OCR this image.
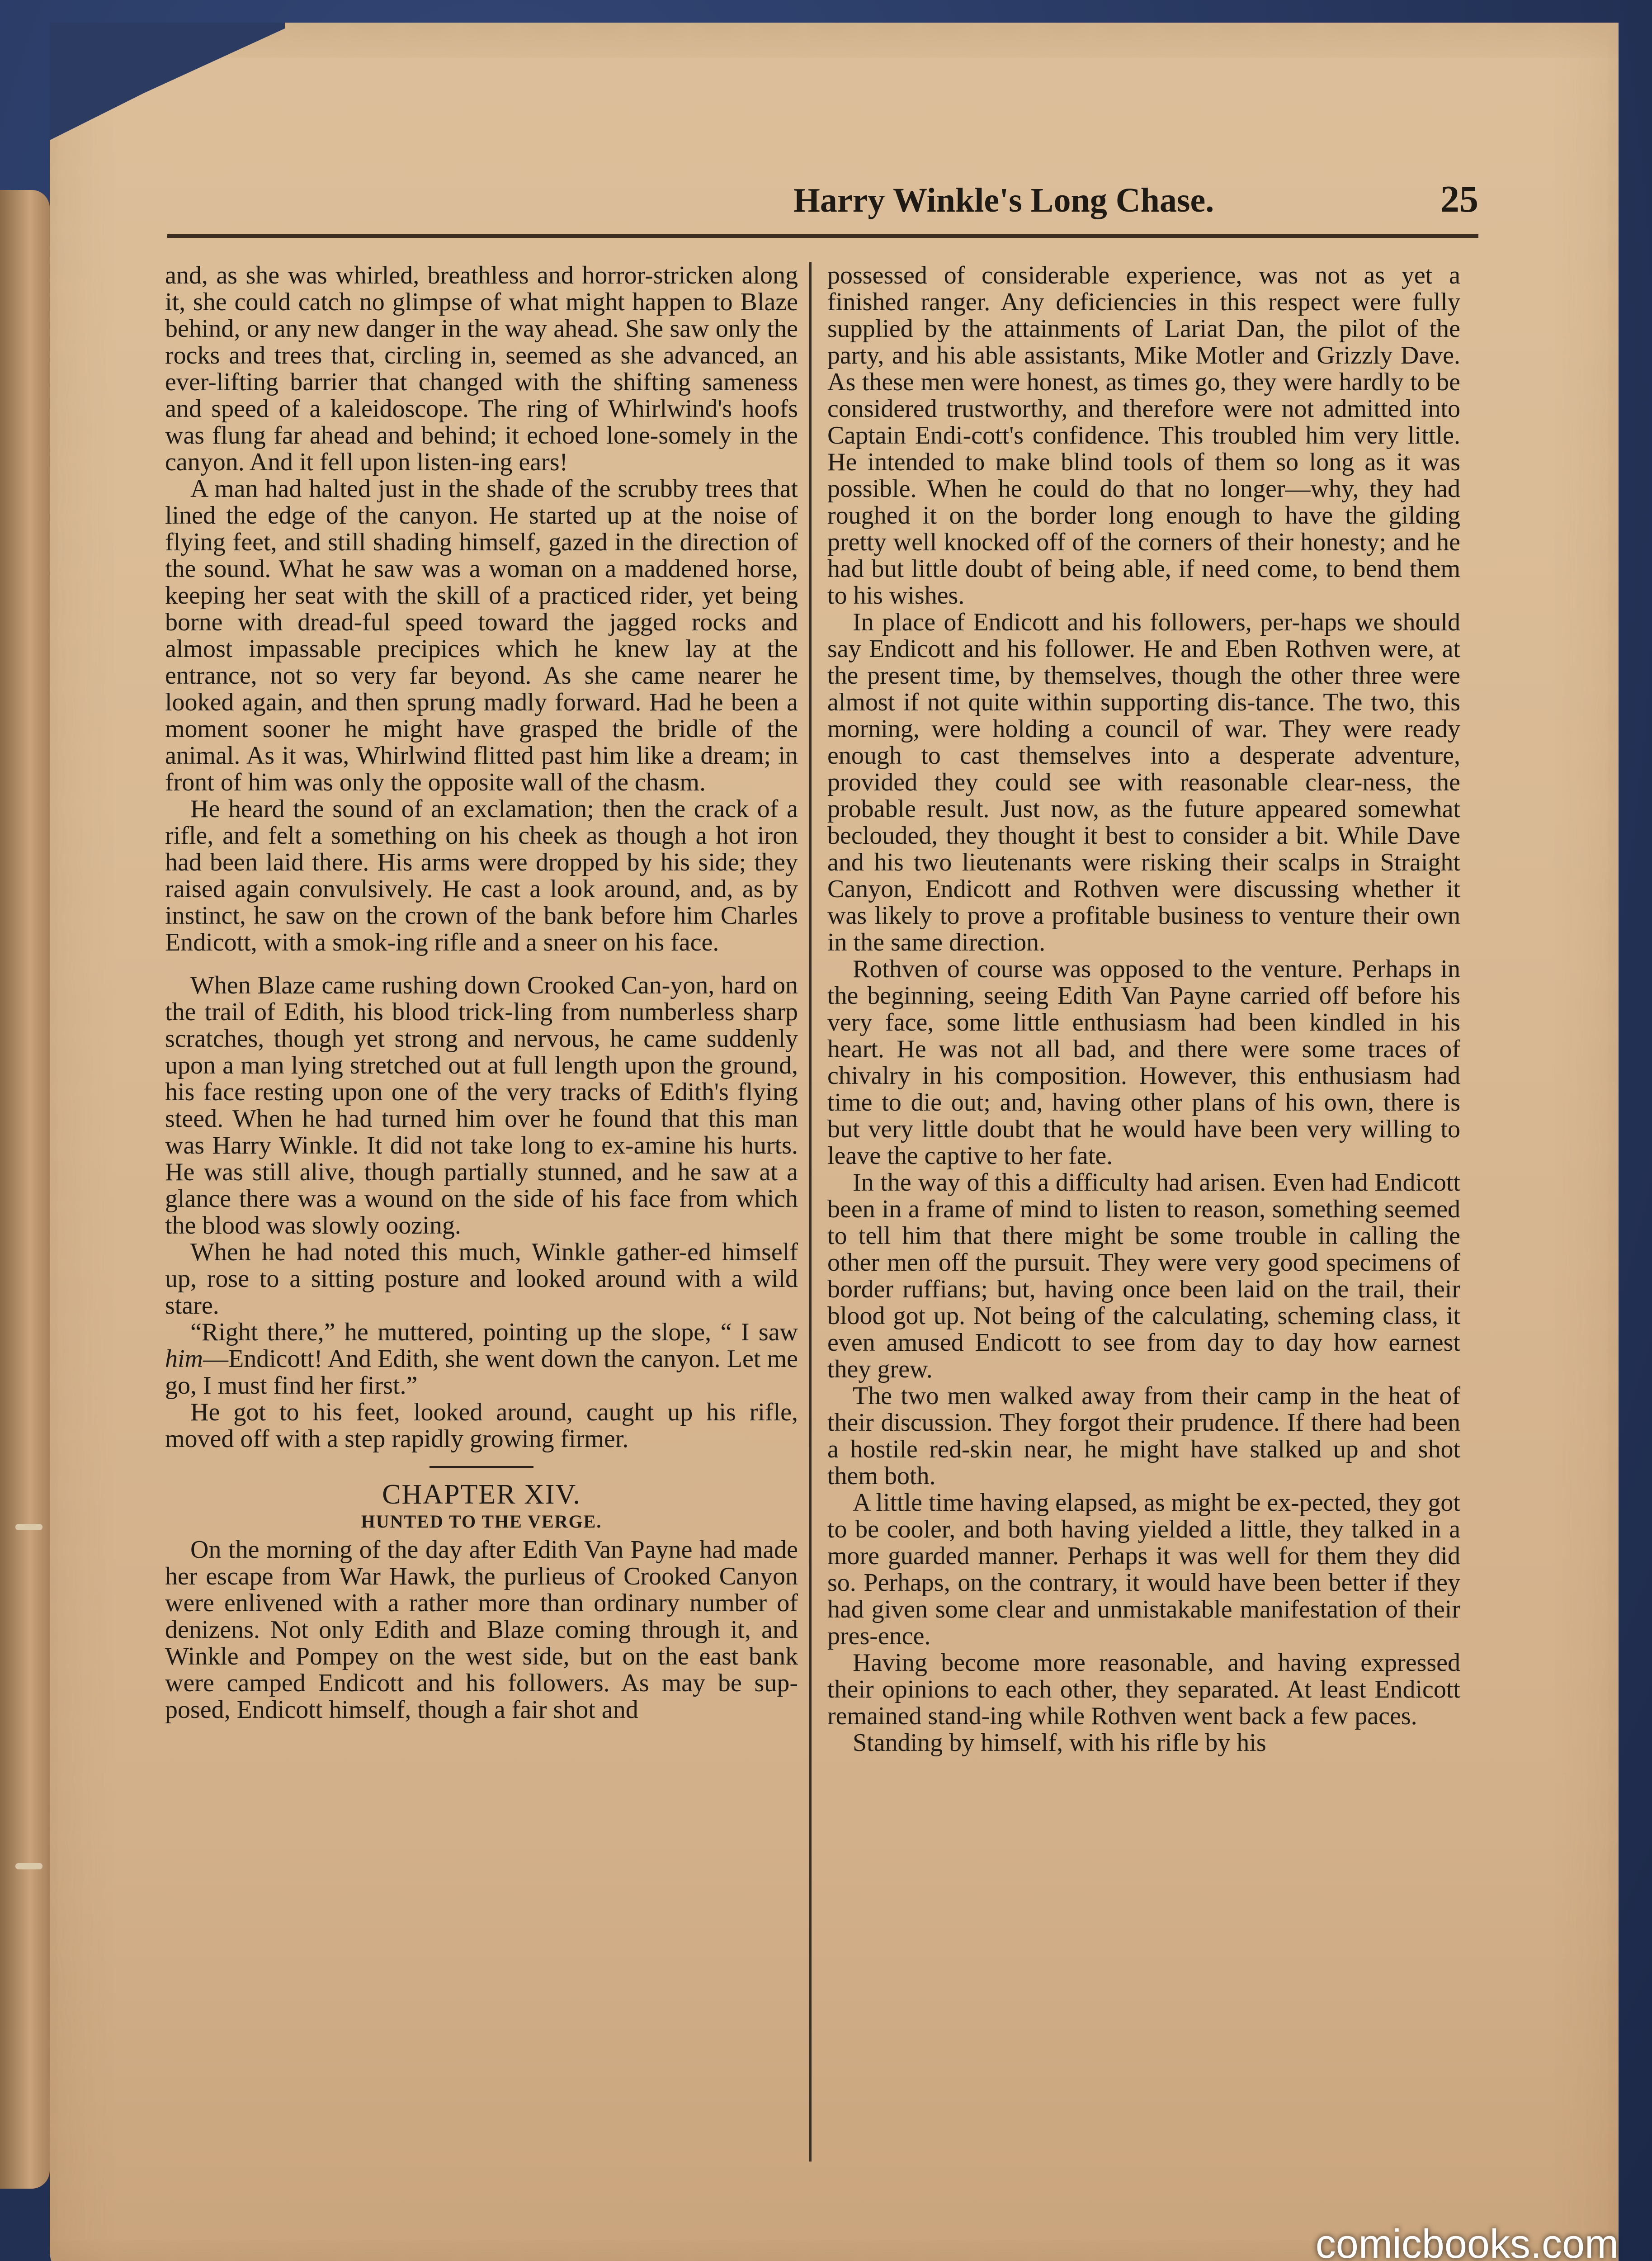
Harry Winkle's Long Chase.	25

and, as she was whirled, breathless and horror-stricken along it, she could catch no glimpse of what might happen to Blaze behind, or any new danger in the way ahead. She saw only the rocks and trees that, circling in, seemed as she advanced, an ever-lifting barrier that changed with the shifting sameness and speed of a kaleidoscope. The ring of Whirlwind's hoofs was flung far ahead and behind; it echoed lone-somely in the canyon. And it fell upon listen-ing ears!

A man had halted just in the shade of the scrubby trees that lined the edge of the canyon. He started up at the noise of flying feet, and still shading himself, gazed in the direction of the sound. What he saw was a woman on a maddened horse, keeping her seat with the skill of a practiced rider, yet being borne with dread-ful speed toward the jagged rocks and almost impassable precipices which he knew lay at the entrance, not so very far beyond. As she came nearer he looked again, and then sprung madly forward. Had he been a moment sooner he might have grasped the bridle of the animal. As it was, Whirlwind flitted past him like a dream; in front of him was only the opposite wall of the chasm.

He heard the sound of an exclamation; then the crack of a rifle, and felt a something on his cheek as though a hot iron had been laid there. His arms were dropped by his side; they raised again convulsively. He cast a look around, and, as by instinct, he saw on the crown of the bank before him Charles Endicott, with a smok-ing rifle and a sneer on his face.

When Blaze came rushing down Crooked Can-yon, hard on the trail of Edith, his blood trick-ling from numberless sharp scratches, though yet strong and nervous, he came suddenly upon a man lying stretched out at full length upon the ground, his face resting upon one of the very tracks of Edith's flying steed. When he had turned him over he found that this man was Harry Winkle. It did not take long to ex-amine his hurts. He was still alive, though partially stunned, and he saw at a glance there was a wound on the side of his face from which the blood was slowly oozing.

When he had noted this much, Winkle gather-ed himself up, rose to a sitting posture and looked around with a wild stare.

“Right there,” he muttered, pointing up the slope, “ I saw him—Endicott! And Edith, she went down the canyon. Let me go, I must find her first.”

He got to his feet, looked around, caught up his rifle, moved off with a step rapidly growing firmer.

CHAPTER XIV.
HUNTED TO THE VERGE.

On the morning of the day after Edith Van Payne had made her escape from War Hawk, the purlieus of Crooked Canyon were enlivened with a rather more than ordinary number of denizens. Not only Edith and Blaze coming through it, and Winkle and Pompey on the west side, but on the east bank were camped Endicott and his followers. As may be sup-posed, Endicott himself, though a fair shot and

possessed of considerable experience, was not as yet a finished ranger. Any deficiencies in this respect were fully supplied by the attainments of Lariat Dan, the pilot of the party, and his able assistants, Mike Motler and Grizzly Dave. As these men were honest, as times go, they were hardly to be considered trustworthy, and therefore were not admitted into Captain Endi-cott's confidence. This troubled him very little. He intended to make blind tools of them so long as it was possible. When he could do that no longer—why, they had roughed it on the border long enough to have the gilding pretty well knocked off of the corners of their honesty; and he had but little doubt of being able, if need come, to bend them to his wishes.

In place of Endicott and his followers, per-haps we should say Endicott and his follower. He and Eben Rothven were, at the present time, by themselves, though the other three were almost if not quite within supporting dis-tance. The two, this morning, were holding a council of war. They were ready enough to cast themselves into a desperate adventure, provided they could see with reasonable clear-ness, the probable result. Just now, as the future appeared somewhat beclouded, they thought it best to consider a bit. While Dave and his two lieutenants were risking their scalps in Straight Canyon, Endicott and Rothven were discussing whether it was likely to prove a profitable business to venture their own in the same direction.

Rothven of course was opposed to the venture. Perhaps in the beginning, seeing Edith Van Payne carried off before his very face, some little enthusiasm had been kindled in his heart. He was not all bad, and there were some traces of chivalry in his composition. However, this enthusiasm had time to die out; and, having other plans of his own, there is but very little doubt that he would have been very willing to leave the captive to her fate.

In the way of this a difficulty had arisen. Even had Endicott been in a frame of mind to listen to reason, something seemed to tell him that there might be some trouble in calling the other men off the pursuit. They were very good specimens of border ruffians; but, having once been laid on the trail, their blood got up. Not being of the calculating, scheming class, it even amused Endicott to see from day to day how earnest they grew.

The two men walked away from their camp in the heat of their discussion. They forgot their prudence. If there had been a hostile red-skin near, he might have stalked up and shot them both.

A little time having elapsed, as might be ex-pected, they got to be cooler, and both having yielded a little, they talked in a more guarded manner. Perhaps it was well for them they did so. Perhaps, on the contrary, it would have been better if they had given some clear and unmistakable manifestation of their pres-ence.

Having become more reasonable, and having expressed their opinions to each other, they separated. At least Endicott remained stand-ing while Rothven went back a few paces.

Standing by himself, with his rifle by his

comicbooks.com
